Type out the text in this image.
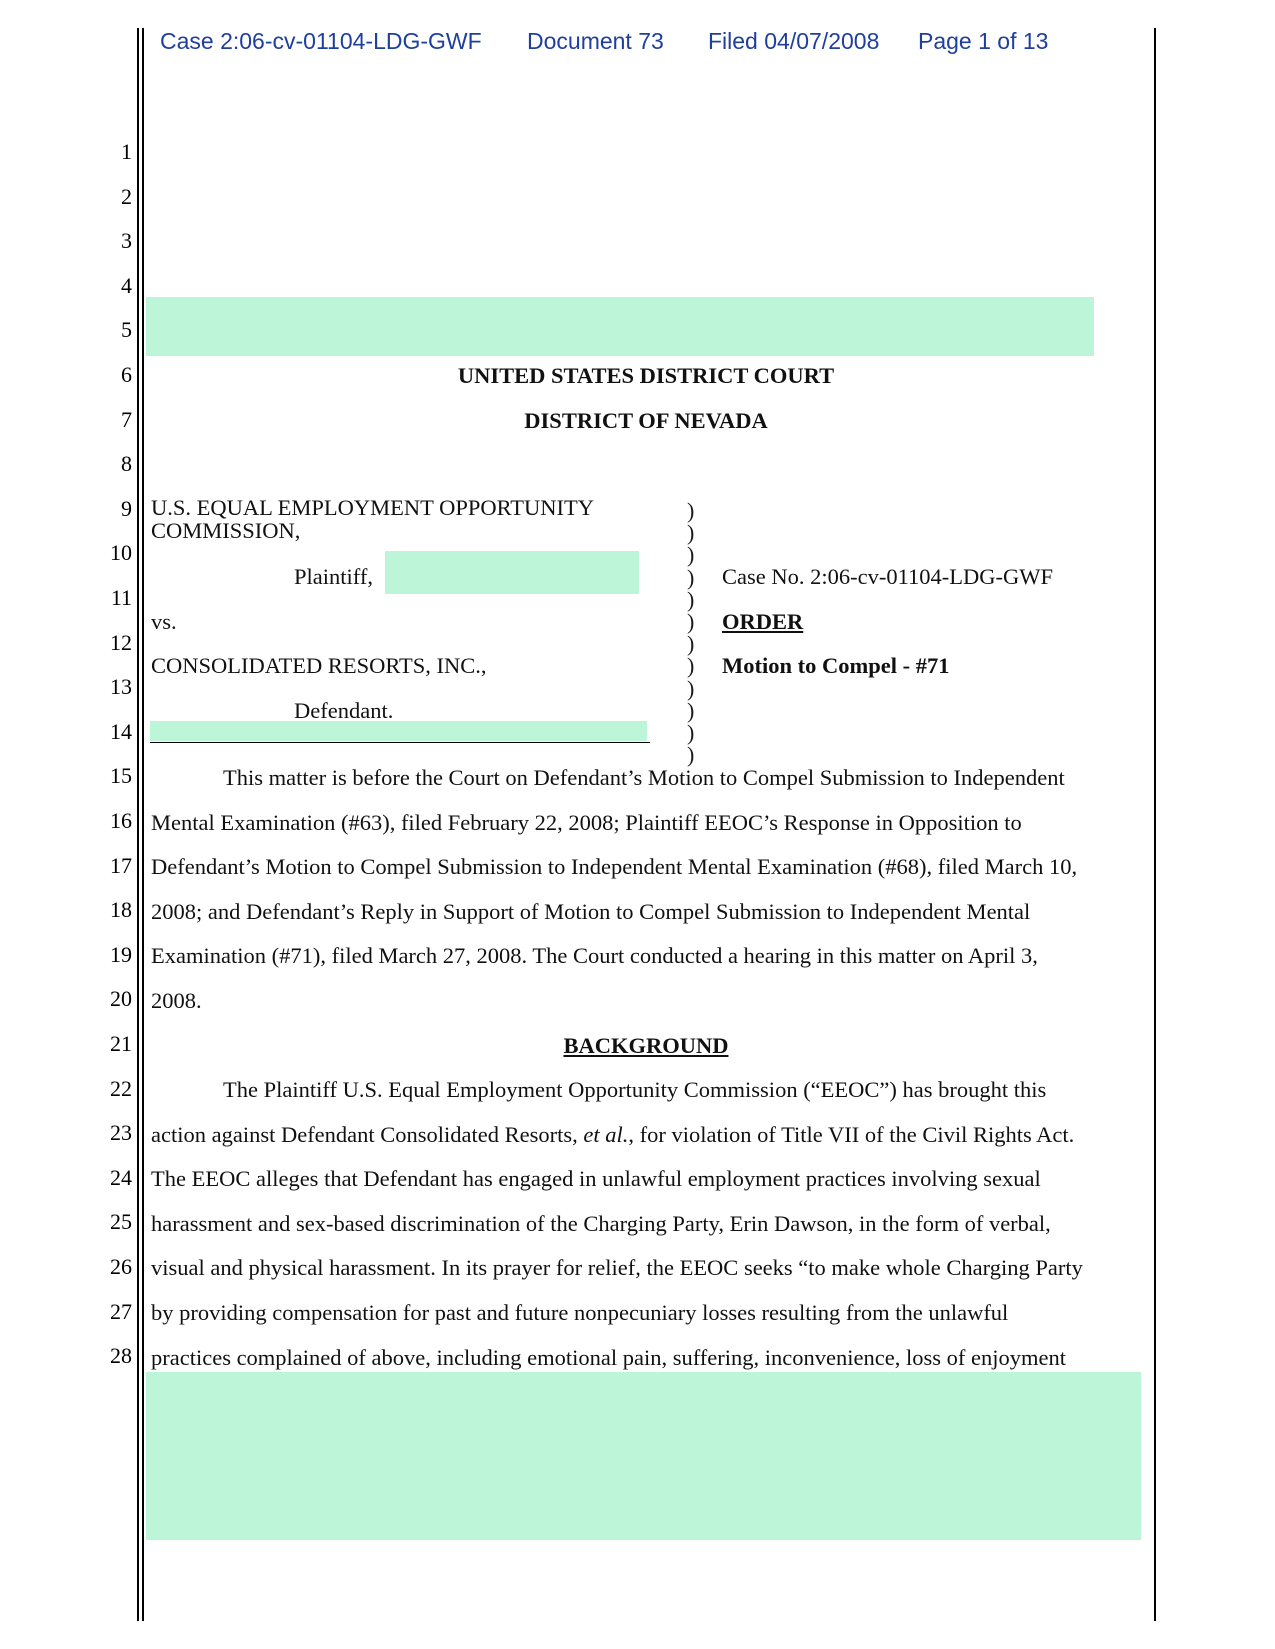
Case 2:06-cv-01104-LDG-GWF Document 73 Filed 04/07/2008 Page 1 of 13
1
2
3
4
5
6
7
8
9
10
11
12
13
14
15
16
17
18
19
20
21
22
23
24
25
26
27
28
UNITED STATES DISTRICT COURT
DISTRICT OF NEVADA
U.S. EQUAL EMPLOYMENT OPPORTUNITY
COMMISSION,
Plaintiff,
vs.
CONSOLIDATED RESORTS, INC.,
Defendant.
)
)
)
)
)
)
)
)
)
)
)
)
Case No. 2:06-cv-01104-LDG-GWF
ORDER
Motion to Compel - #71
This matter is before the Court on Defendant’s Motion to Compel Submission to Independent
Mental Examination (#63), filed February 22, 2008; Plaintiff EEOC’s Response in Opposition to
Defendant’s Motion to Compel Submission to Independent Mental Examination (#68), filed March 10,
2008; and Defendant’s Reply in Support of Motion to Compel Submission to Independent Mental
Examination (#71), filed March 27, 2008. The Court conducted a hearing in this matter on April 3,
2008.
BACKGROUND
The Plaintiff U.S. Equal Employment Opportunity Commission (“EEOC”) has brought this
action against Defendant Consolidated Resorts, et al., for violation of Title VII of the Civil Rights Act.
The EEOC alleges that Defendant has engaged in unlawful employment practices involving sexual
harassment and sex-based discrimination of the Charging Party, Erin Dawson, in the form of verbal,
visual and physical harassment. In its prayer for relief, the EEOC seeks “to make whole Charging Party
by providing compensation for past and future nonpecuniary losses resulting from the unlawful
practices complained of above, including emotional pain, suffering, inconvenience, loss of enjoyment
